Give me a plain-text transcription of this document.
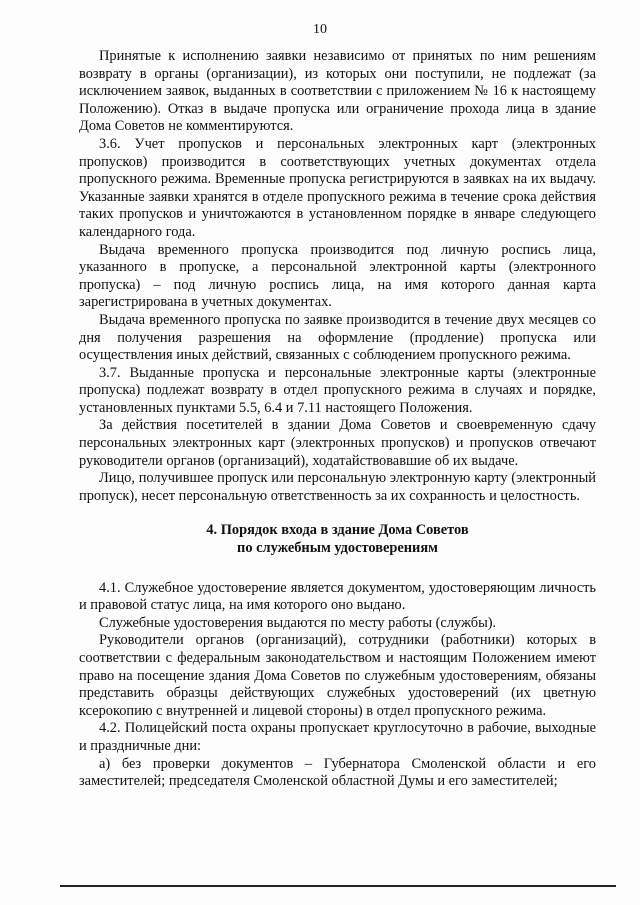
10

Принятые к исполнению заявки независимо от принятых по ним решениям возврату в органы (организации), из которых они поступили, не подлежат (за исключением заявок, выданных в соответствии с приложением № 16 к настоящему Положению). Отказ в выдаче пропуска или ограничение прохода лица в здание Дома Советов не комментируются.

3.6. Учет пропусков и персональных электронных карт (электронных пропусков) производится в соответствующих учетных документах отдела пропускного режима. Временные пропуска регистрируются в заявках на их выдачу. Указанные заявки хранятся в отделе пропускного режима в течение срока действия таких пропусков и уничтожаются в установленном порядке в январе следующего календарного года.

Выдача временного пропуска производится под личную роспись лица, указанного в пропуске, а персональной электронной карты (электронного пропуска) – под личную роспись лица, на имя которого данная карта зарегистрирована в учетных документах.

Выдача временного пропуска по заявке производится в течение двух месяцев со дня получения разрешения на оформление (продление) пропуска или осуществления иных действий, связанных с соблюдением пропускного режима.

3.7. Выданные пропуска и персональные электронные карты (электронные пропуска) подлежат возврату в отдел пропускного режима в случаях и порядке, установленных пунктами 5.5, 6.4 и 7.11 настоящего Положения.

За действия посетителей в здании Дома Советов и своевременную сдачу персональных электронных карт (электронных пропусков) и пропусков отвечают руководители органов (организаций), ходатайствовавшие об их выдаче.

Лицо, получившее пропуск или персональную электронную карту (электронный пропуск), несет персональную ответственность за их сохранность и целостность.

4. Порядок входа в здание Дома Советов
по служебным удостоверениям

4.1. Служебное удостоверение является документом, удостоверяющим личность и правовой статус лица, на имя которого оно выдано.

Служебные удостоверения выдаются по месту работы (службы).

Руководители органов (организаций), сотрудники (работники) которых в соответствии с федеральным законодательством и настоящим Положением имеют право на посещение здания Дома Советов по служебным удостоверениям, обязаны представить образцы действующих служебных удостоверений (их цветную ксерокопию с внутренней и лицевой стороны) в отдел пропускного режима.

4.2. Полицейский поста охраны пропускает круглосуточно в рабочие, выходные и праздничные дни:

а) без проверки документов – Губернатора Смоленской области и его заместителей; председателя Смоленской областной Думы и его заместителей;
